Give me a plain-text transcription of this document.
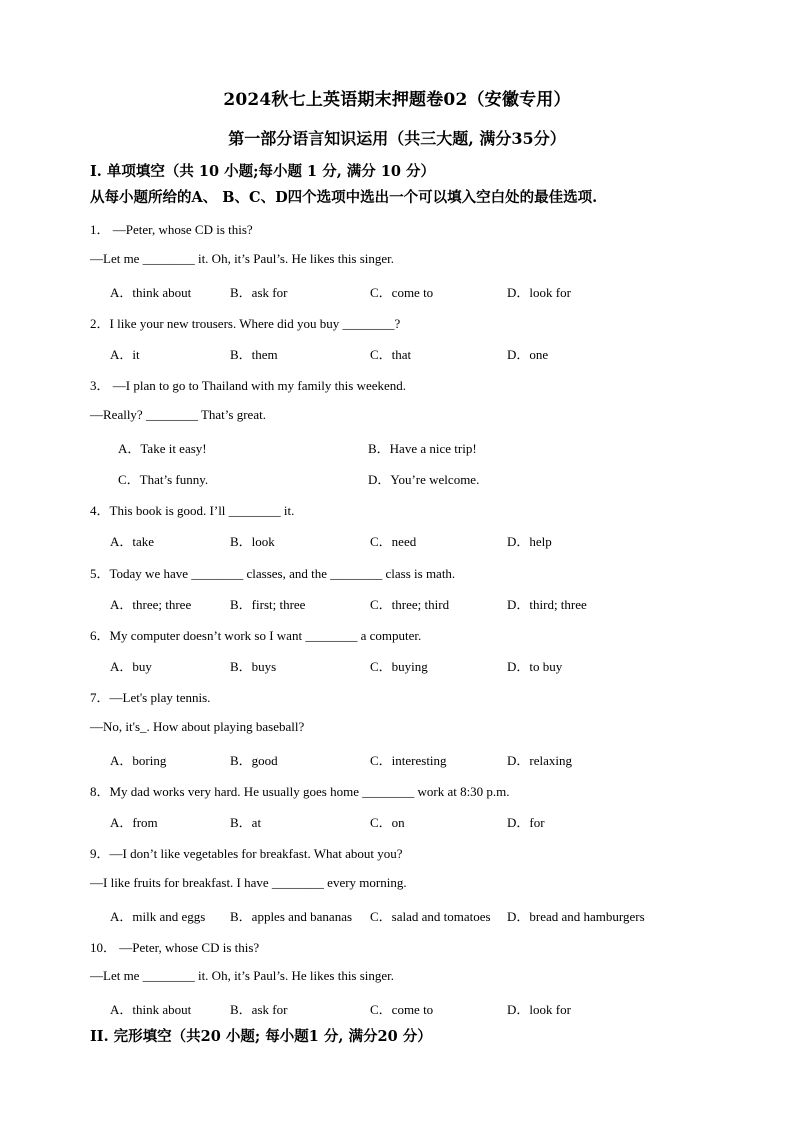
2024秋七上英语期末押题卷02（安徽专用）
第一部分语言知识运用（共三大题, 满分35分）
I. 单项填空（共 10 小题;每小题 1 分, 满分 10 分）
从每小题所给的A、 B、C、D四个选项中选出一个可以填入空白处的最佳选项.
1． —Peter, whose CD is this?
—Let me ________ it. Oh, it’s Paul’s. He likes this singer.
A．think about	B．ask for	C．come to	D．look for
2．I like your new trousers. Where did you buy ________?
A．it	B．them	C．that	D．one
3． —I plan to go to Thailand with my family this weekend.
—Really? ________ That’s great.
A．Take it easy!	B．Have a nice trip!
C．That’s funny.	D．You’re welcome.
4．This book is good. I’ll ________ it.
A．take	B．look	C．need	D．help
5．Today we have ________ classes, and the ________ class is math.
A．three; three	B．first; three	C．three; third	D．third; three
6．My computer doesn’t work so I want ________ a computer.
A．buy	B．buys	C．buying	D．to buy
7．—Let's play tennis.
—No, it's_. How about playing baseball?
A．boring	B．good	C．interesting	D．relaxing
8．My dad works very hard. He usually goes home ________ work at 8:30 p.m.
A．from	B．at	C．on	D．for
9．—I don’t like vegetables for breakfast. What about you?
—I like fruits for breakfast. I have ________ every morning.
A．milk and eggs B．apples and bananas C．salad and tomatoes D．bread and hamburgers
10． —Peter, whose CD is this?
—Let me ________ it. Oh, it’s Paul’s. He likes this singer.
A．think about	B．ask for	C．come to	D．look for
II. 完形填空（共20 小题; 每小题1 分, 满分20 分）
